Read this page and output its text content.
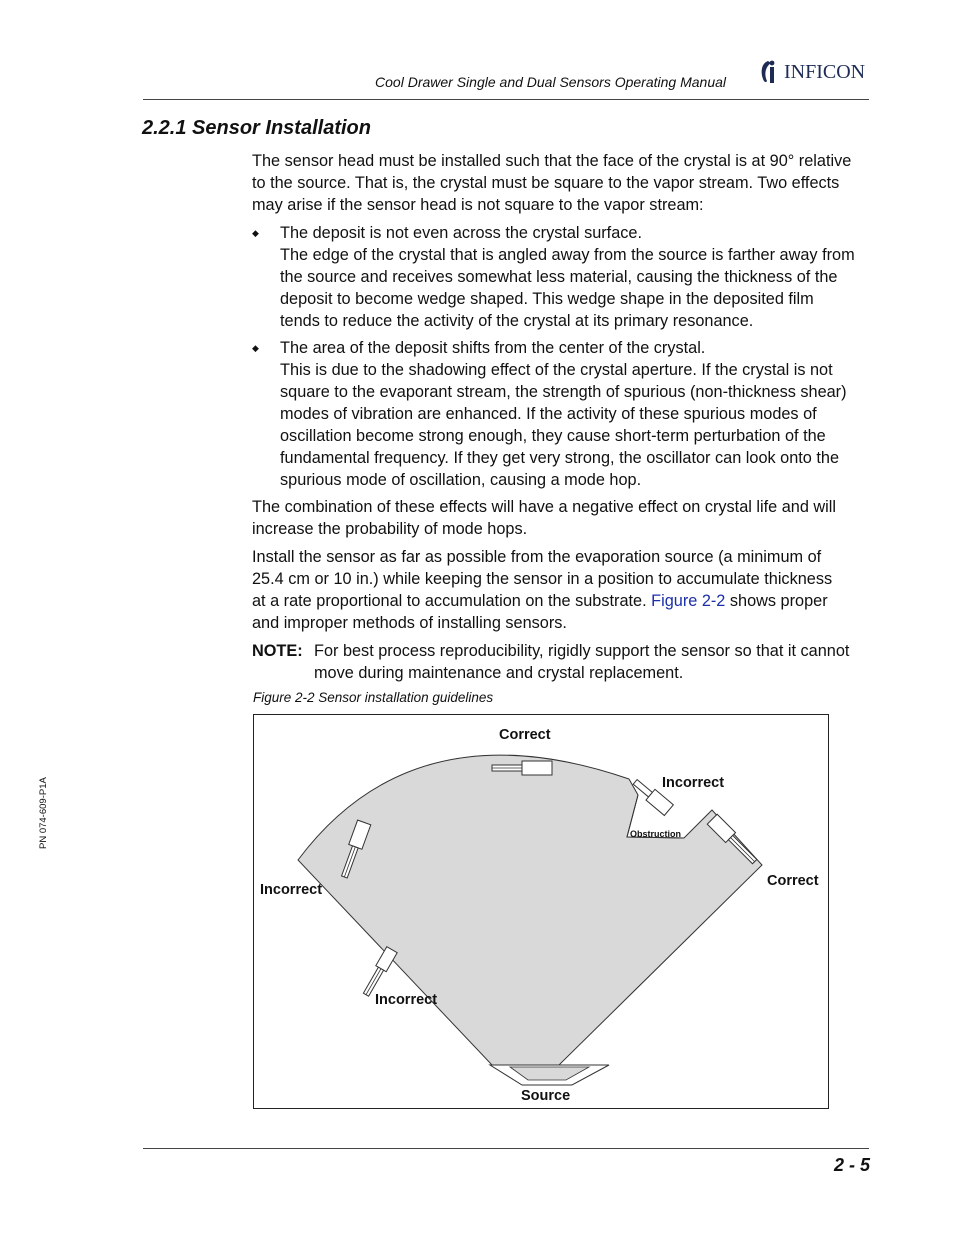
Cool Drawer Single and Dual Sensors Operating Manual	INFICON
2.2.1 Sensor Installation
The sensor head must be installed such that the face of the crystal is at 90° relative
to the source. That is, the crystal must be square to the vapor stream. Two effects
may arise if the sensor head is not square to the vapor stream:
◆ The deposit is not even across the crystal surface.
The edge of the crystal that is angled away from the source is farther away from
the source and receives somewhat less material, causing the thickness of the
deposit to become wedge shaped. This wedge shape in the deposited film
tends to reduce the activity of the crystal at its primary resonance.
◆ The area of the deposit shifts from the center of the crystal.
This is due to the shadowing effect of the crystal aperture. If the crystal is not
square to the evaporant stream, the strength of spurious (non-thickness shear)
modes of vibration are enhanced. If the activity of these spurious modes of
oscillation become strong enough, they cause short-term perturbation of the
fundamental frequency. If they get very strong, the oscillator can look onto the
spurious mode of oscillation, causing a mode hop.
The combination of these effects will have a negative effect on crystal life and will
increase the probability of mode hops.
Install the sensor as far as possible from the evaporation source (a minimum of
25.4 cm or 10 in.) while keeping the sensor in a position to accumulate thickness
at a rate proportional to accumulation on the substrate. Figure 2-2 shows proper
and improper methods of installing sensors.
NOTE: For best process reproducibility, rigidly support the sensor so that it cannot
move during maintenance and crystal replacement.
Figure 2-2 Sensor installation guidelines
Correct
Incorrect
Obstruction
Correct
Incorrect
Incorrect
Source
PN 074-609-P1A
2 - 5
